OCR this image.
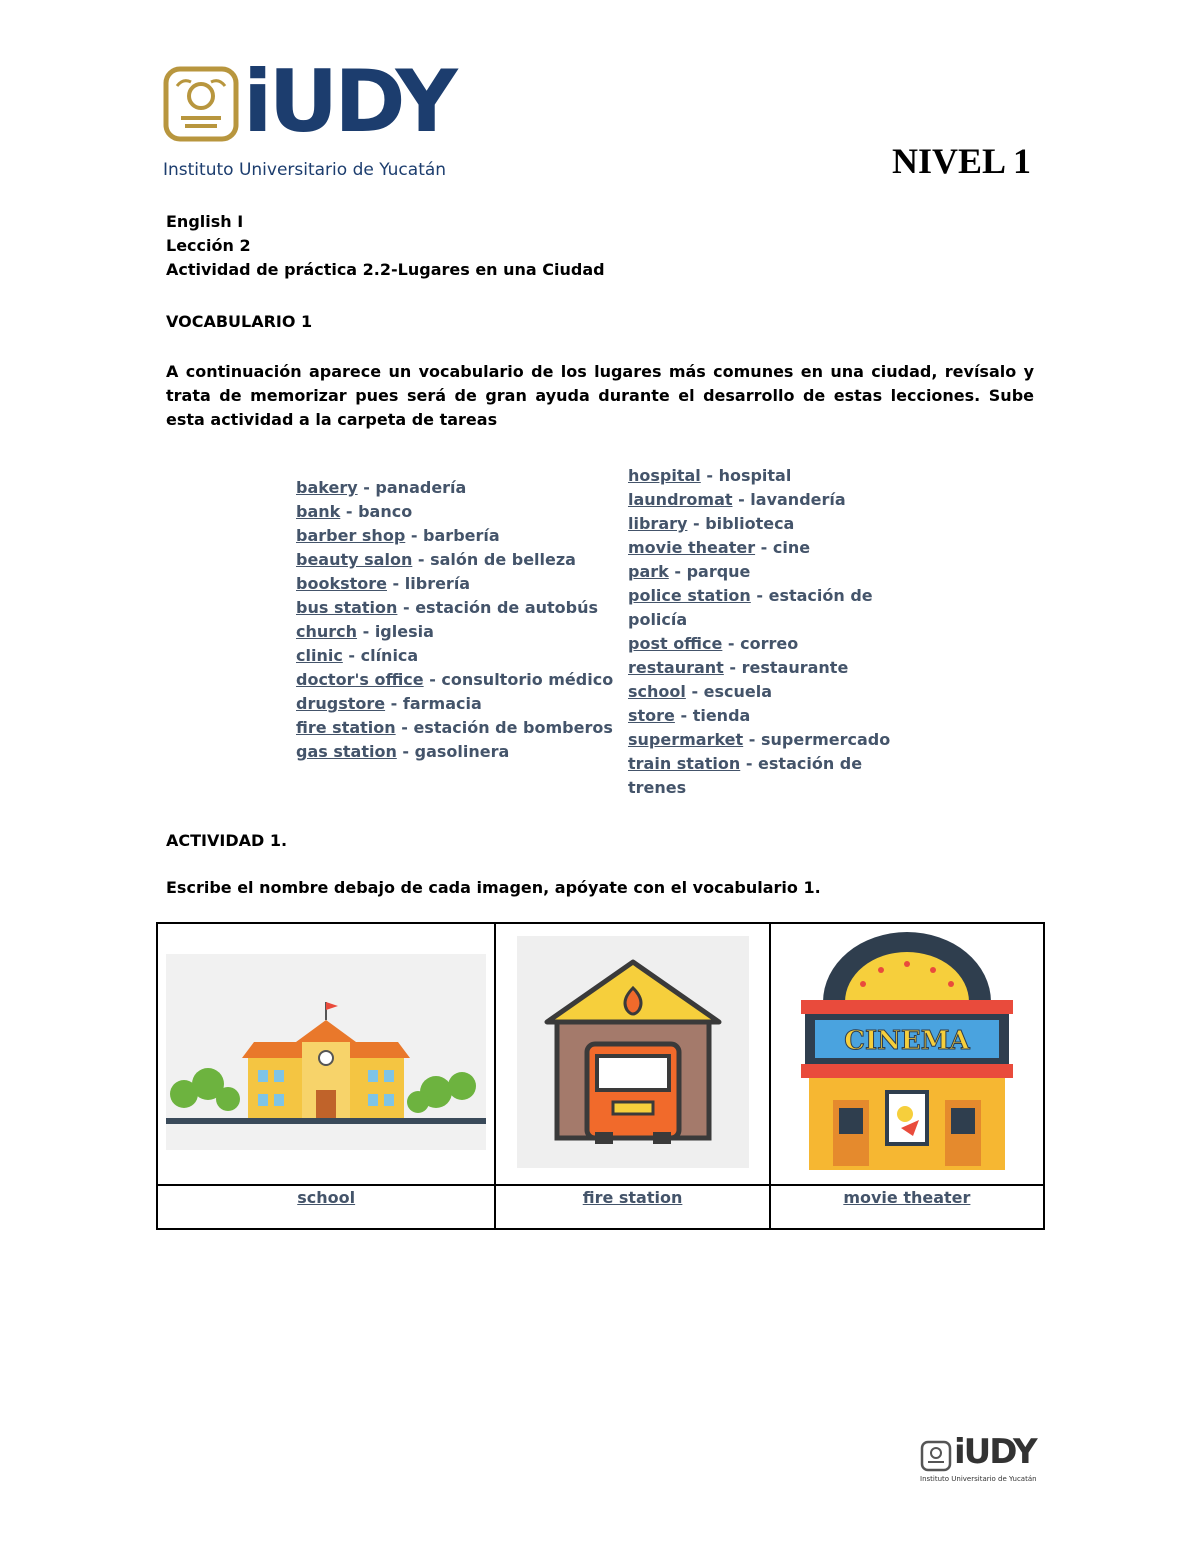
iUDY
Instituto Universitario de Yucatán	NIVEL 1
English I
Lección 2
Actividad de práctica 2.2-Lugares en una Ciudad
VOCABULARIO 1
A continuación aparece un vocabulario de los lugares más comunes en una ciudad, revísalo y trata de memorizar pues será de gran ayuda durante el desarrollo de estas lecciones. Sube esta actividad a la carpeta de tareas
bakery - panadería
bank - banco
barber shop - barbería
beauty salon - salón de belleza
bookstore - librería
bus station - estación de autobús
church - iglesia
clinic - clínica
doctor's office - consultorio médico
drugstore - farmacia
fire station - estación de bomberos
gas station - gasolinera
hospital - hospital
laundromat - lavandería
library - biblioteca
movie theater - cine
park - parque
police station - estación de policía
post office - correo
restaurant - restaurante
school - escuela
store - tienda
supermarket - supermercado
train station - estación de trenes
ACTIVIDAD 1.
Escribe el nombre debajo de cada imagen, apóyate con el vocabulario 1.

CINEMA

school	fire station	movie theater
iUDY
Instituto Universitario de Yucatán
